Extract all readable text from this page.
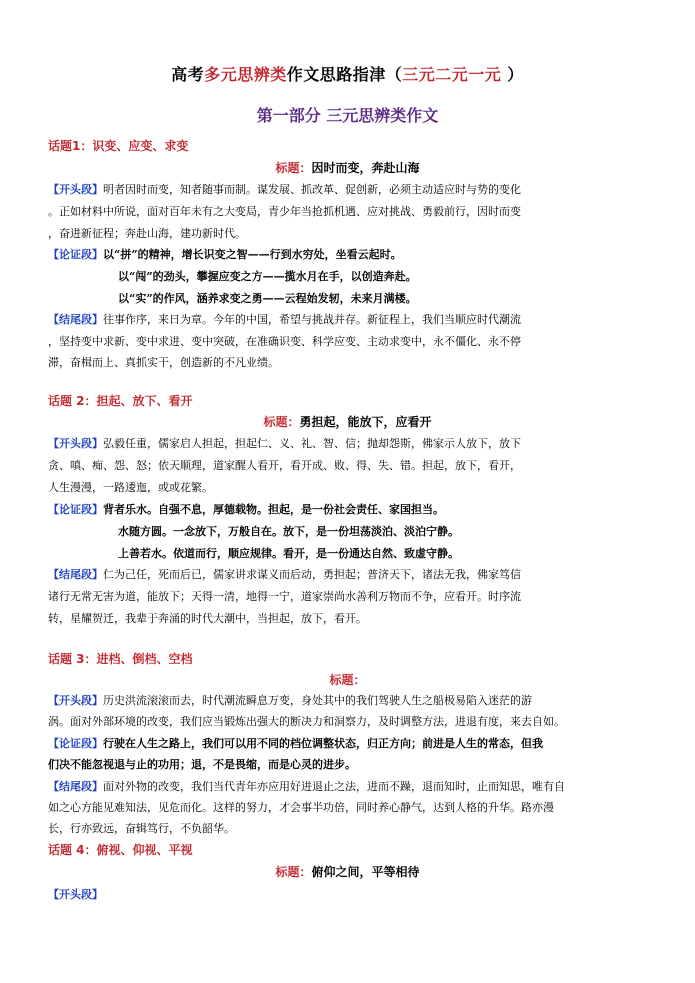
高考多元思辨类作文思路指津（三元二元一元 ）
第一部分 三元思辨类作文
话题1：识变、应变、求变
标题：因时而变，奔赴山海
【开头段】明者因时而变，知者随事而制。谋发展、抓改革、促创新，必须主动适应时与势的变化
。正如材料中所说，面对百年未有之大变局，青少年当抢抓机遇、应对挑战、勇毅前行，因时而变
，奋进新征程；奔赴山海，建功新时代。
【论证段】以“拼”的精神，增长识变之智——行到水穷处，坐看云起时。
以“闯”的劲头，攀握应变之方——揽水月在手，以创造奔赴。
以“实”的作风，涵养求变之勇——云程始发轫，未来月满楼。
【结尾段】往事作序，来日为章。今年的中国，希望与挑战并存。新征程上，我们当顺应时代潮流
，坚持变中求新、变中求进、变中突破，在准确识变、科学应变、主动求变中，永不僵化、永不停
滞，奋楫而上、真抓实干，创造新的不凡业绩。
话题 2：担起、放下、看开
标题：勇担起，能放下，应看开
【开头段】弘毅任重，儒家启人担起，担起仁、义、礼、智、信；抛却怨斯，佛家示人放下，放下
贪、嗔、痴、怨、怒；依天顺理，道家醒人看开，看开成、败、得、失、错。担起，放下，看开，
人生漫漫，一路逶迤，或或花繁。
【论证段】背者乐水。自强不息，厚德载物。担起，是一份社会责任、家国担当。
水随方圆。一念放下，万般自在。放下，是一份坦荡淡泊、淡泊宁静。
上善若水。依道而行，顺应规律。看开，是一份通达自然、致虚守静。
【结尾段】仁为己任，死而后已，儒家讲求谋义而后动，勇担起；普济天下，诸法无我，佛家笃信
诸行无常无害为道，能放下；天得一清，地得一宁，道家崇尚水善利万物而不争，应看开。时序流
转，星耀贺迁，我辈于奔涌的时代大潮中，当担起，放下，看开。
话题 3：进档、倒档、空档
标题：
【开头段】历史洪流滚滚而去，时代潮流瞬息万变，身处其中的我们驾驶人生之船极易陷入迷茫的游
涡。面对外部环境的改变，我们应当锻炼出强大的断决力和洞察力，及时调整方法，进退有度，来去自如。
【论证段】行驶在人生之路上，我们可以用不同的档位调整状态，归正方向；前进是人生的常态，但我
们决不能忽视退与止的功用；退，不是畏缩，而是心灵的进步。
【结尾段】面对外物的改变，我们当代青年亦应用好进退止之法，进而不躁，退而知时，止而知思，唯有自
如之心方能见难知法，见危而化。这样的努力，才会事半功倍，同时养心静气，达到人格的升华。路亦漫
长，行亦致远，奋辑笃行，不负韶华。
话题 4：俯视、仰视、平视
标题：俯仰之间，平等相待
【开头段】
